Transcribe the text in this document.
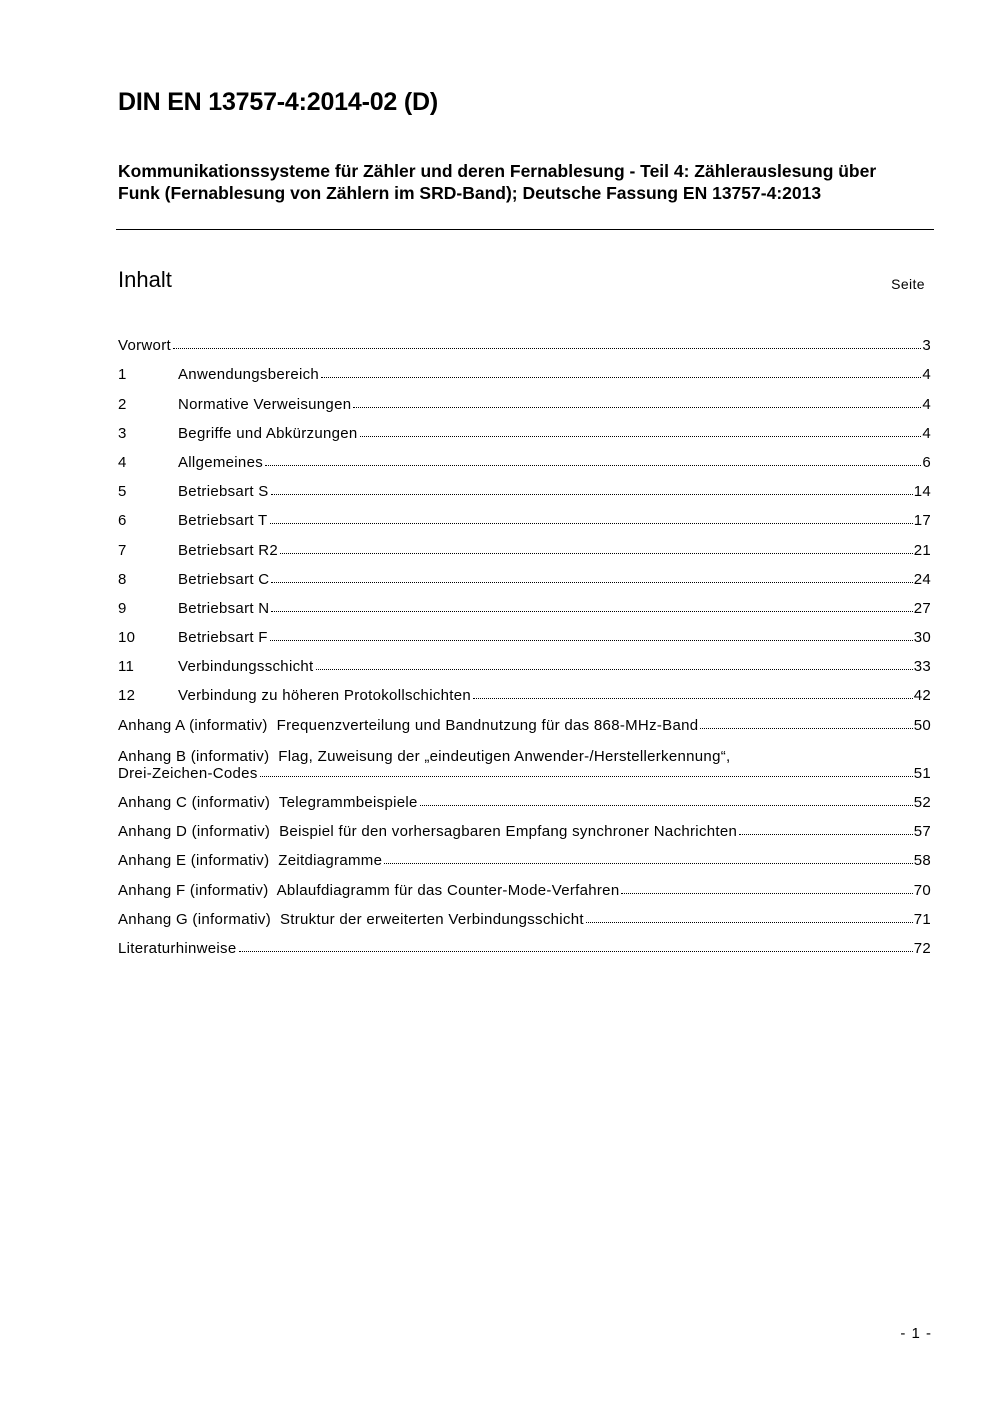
DIN EN 13757-4:2014-02 (D)
Kommunikationssysteme für Zähler und deren Fernablesung - Teil 4: Zählerauslesung über Funk (Fernablesung von Zählern im SRD-Band); Deutsche Fassung EN 13757-4:2013
Inhalt	Seite
Vorwort	3
1	Anwendungsbereich	4
2	Normative Verweisungen	4
3	Begriffe und Abkürzungen	4
4	Allgemeines	6
5	Betriebsart S	14
6	Betriebsart T	17
7	Betriebsart R2	21
8	Betriebsart C	24
9	Betriebsart N	27
10	Betriebsart F	30
11	Verbindungsschicht	33
12	Verbindung zu höheren Protokollschichten	42
Anhang A (informativ)  Frequenzverteilung und Bandnutzung für das 868-MHz-Band	50
Anhang B (informativ)  Flag, Zuweisung der „eindeutigen Anwender-/Herstellerkennung“,
Drei-Zeichen-Codes	51
Anhang C (informativ)  Telegrammbeispiele	52
Anhang D (informativ)  Beispiel für den vorhersagbaren Empfang synchroner Nachrichten	57
Anhang E (informativ)  Zeitdiagramme	58
Anhang F (informativ)  Ablaufdiagramm für das Counter-Mode-Verfahren	70
Anhang G (informativ)  Struktur der erweiterten Verbindungsschicht	71
Literaturhinweise	72
- 1 -
